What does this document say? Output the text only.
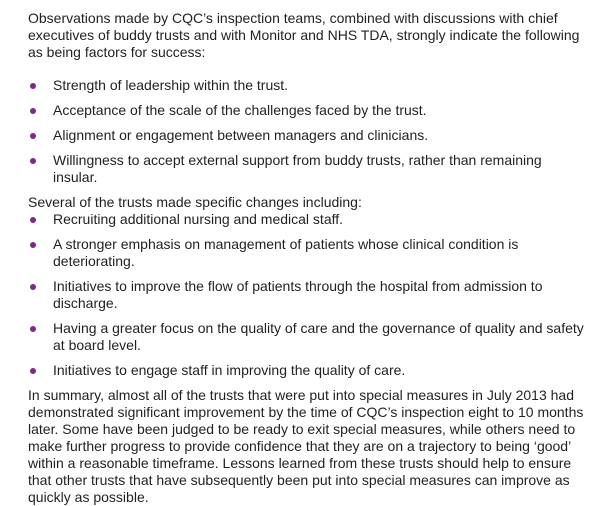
Observations made by CQC’s inspection teams, combined with discussions with chief executives of buddy trusts and with Monitor and NHS TDA, strongly indicate the following as being factors for success:

Strength of leadership within the trust.
Acceptance of the scale of the challenges faced by the trust.
Alignment or engagement between managers and clinicians.
Willingness to accept external support from buddy trusts, rather than remaining insular.

Several of the trusts made specific changes including:

Recruiting additional nursing and medical staff.
A stronger emphasis on management of patients whose clinical condition is deteriorating.
Initiatives to improve the flow of patients through the hospital from admission to discharge.
Having a greater focus on the quality of care and the governance of quality and safety at board level.
Initiatives to engage staff in improving the quality of care.

In summary, almost all of the trusts that were put into special measures in July 2013 had demonstrated significant improvement by the time of CQC’s inspection eight to 10 months later. Some have been judged to be ready to exit special measures, while others need to make further progress to provide confidence that they are on a trajectory to being ‘good’ within a reasonable timeframe. Lessons learned from these trusts should help to ensure that other trusts that have subsequently been put into special measures can improve as quickly as possible.
